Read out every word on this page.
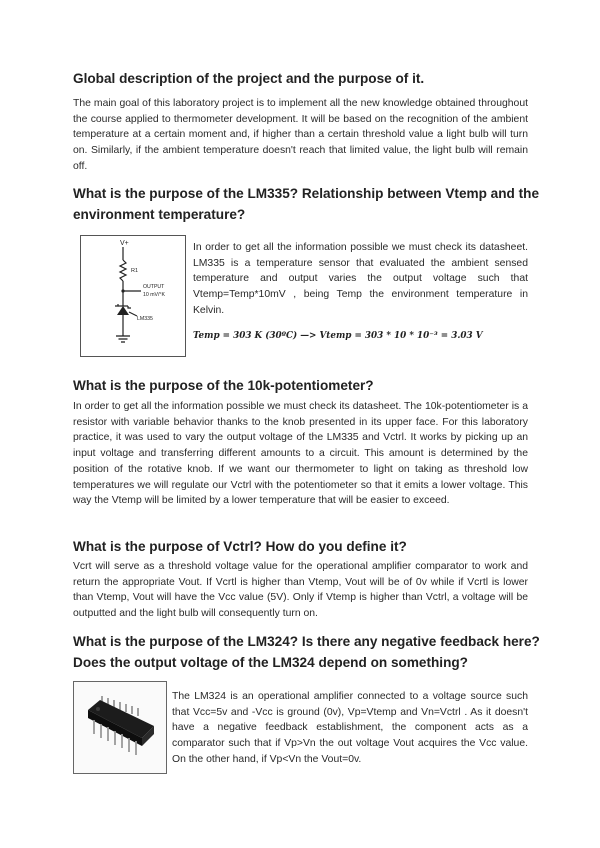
Global description of the project and the purpose of it.
The main goal of this laboratory project is to implement all the new knowledge obtained throughout the course applied to thermometer development. It will be based on the recognition of the ambient temperature at a certain moment and, if higher than a certain threshold value a light bulb will turn on. Similarly, if the ambient temperature doesn't reach that limited value, the light bulb will remain off.
What is the purpose of the LM335? Relationship between Vtemp and the environment temperature?
V+
R1
OUTPUT
10 mV/°K
LM335
In order to get all the information possible we must check its datasheet. LM335 is a temperature sensor that evaluated the ambient sensed temperature and output varies the output voltage such that Vtemp=Temp*10mV , being Temp the environment temperature in Kelvin.
Temp = 303 K (30ºC) —> Vtemp = 303 * 10 * 10⁻³ = 3.03 V
What is the purpose of the 10k-potentiometer?
In order to get all the information possible we must check its datasheet. The 10k-potentiometer is a resistor with variable behavior thanks to the knob presented in its upper face. For this laboratory practice, it was used to vary the output voltage of the LM335 and Vctrl. It works by picking up an input voltage and transferring different amounts to a circuit. This amount is determined by the position of the rotative knob. If we want our thermometer to light on taking as threshold low temperatures we will regulate our Vctrl with the potentiometer so that it emits a lower voltage. This way the Vtemp will be limited by a lower temperature that will be easier to exceed.
What is the purpose of Vctrl? How do you define it?
Vcrt will serve as a threshold voltage value for the operational amplifier comparator to work and return the appropriate Vout. If Vcrtl is higher than Vtemp, Vout will be of 0v while if Vcrtl is lower than Vtemp, Vout will have the Vcc value (5V). Only if Vtemp is higher than Vctrl, a voltage will be outputted and the light bulb will consequently turn on.
What is the purpose of the LM324? Is there any negative feedback here? Does the output voltage of the LM324 depend on something?
The LM324 is an operational amplifier connected to a voltage source such that Vcc=5v and -Vcc is ground (0v), Vp=Vtemp and Vn=Vctrl . As it doesn't have a negative feedback establishment, the component acts as a comparator such that if Vp>Vn the out voltage Vout acquires the Vcc value. On the other hand, if Vp<Vn the Vout=0v.
